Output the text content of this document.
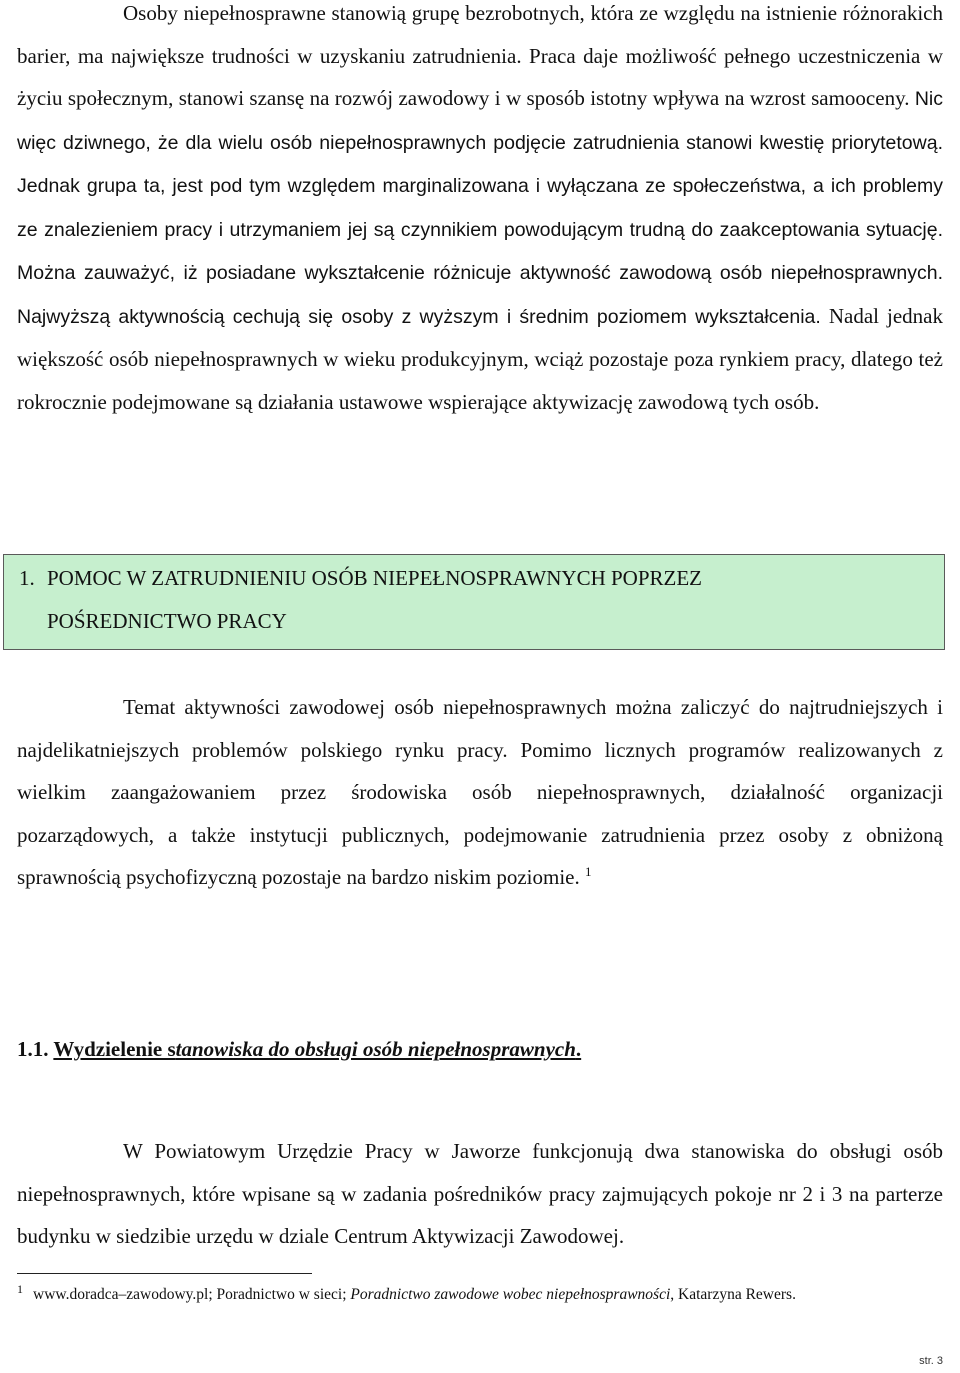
Osoby niepełnosprawne stanowią grupę bezrobotnych, która ze względu na istnienie różnorakich barier, ma największe trudności w uzyskaniu zatrudnienia. Praca daje możliwość pełnego uczestniczenia w życiu społecznym, stanowi szansę na rozwój zawodowy i w sposób istotny wpływa na wzrost samooceny. Nic więc dziwnego, że dla wielu osób niepełnosprawnych podjęcie zatrudnienia stanowi kwestię priorytetową. Jednak grupa ta, jest pod tym względem marginalizowana i wyłączana ze społeczeństwa, a ich problemy ze znalezieniem pracy i utrzymaniem jej są czynnikiem powodującym trudną do zaakceptowania sytuację. Można zauważyć, iż posiadane wykształcenie różnicuje aktywność zawodową osób niepełnosprawnych. Najwyższą aktywnością cechują się osoby z wyższym i średnim poziomem wykształcenia. Nadal jednak większość osób niepełnosprawnych w wieku produkcyjnym, wciąż pozostaje poza rynkiem pracy, dlatego też rokrocznie podejmowane są działania ustawowe wspierające aktywizację zawodową tych osób.

1. POMOC W ZATRUDNIENIU OSÓB NIEPEŁNOSPRAWNYCH POPRZEZ
POŚREDNICTWO PRACY

Temat aktywności zawodowej osób niepełnosprawnych można zaliczyć do najtrudniejszych i najdelikatniejszych problemów polskiego rynku pracy. Pomimo licznych programów realizowanych z wielkim zaangażowaniem przez środowiska osób niepełnosprawnych, działalność organizacji pozarządowych, a także instytucji publicznych, podejmowanie zatrudnienia przez osoby z obniżoną sprawnością psychofizyczną pozostaje na bardzo niskim poziomie. $^1$

1.1. Wydzielenie stanowiska do obsługi osób niepełnosprawnych.

W Powiatowym Urzędzie Pracy w Jaworze funkcjonują dwa stanowiska do obsługi osób niepełnosprawnych, które wpisane są w zadania pośredników pracy zajmujących pokoje nr 2 i 3 na parterze budynku w siedzibie urzędu w dziale Centrum Aktywizacji Zawodowej.

$^1$ www.doradca–zawodowy.pl; Poradnictwo w sieci; Poradnictwo zawodowe wobec niepełnosprawności, Katarzyna Rewers.

str. 3
